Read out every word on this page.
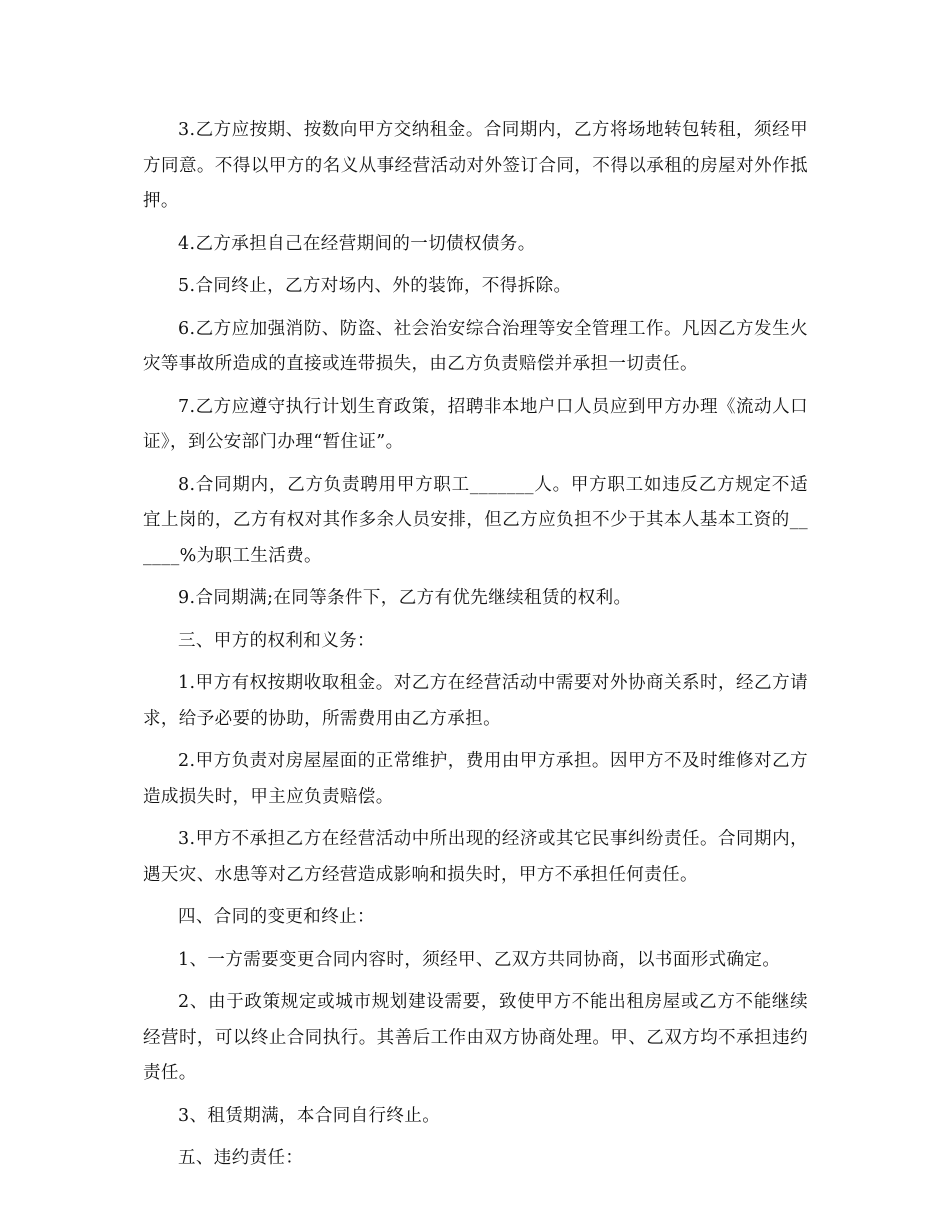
3.乙方应按期、按数向甲方交纳租金。合同期内，乙方将场地转包转租，须经甲方同意。不得以甲方的名义从事经营活动对外签订合同，不得以承租的房屋对外作抵押。

4.乙方承担自己在经营期间的一切债权债务。

5.合同终止，乙方对场内、外的装饰，不得拆除。

6.乙方应加强消防、防盗、社会治安综合治理等安全管理工作。凡因乙方发生火灾等事故所造成的直接或连带损失，由乙方负责赔偿并承担一切责任。

7.乙方应遵守执行计划生育政策，招聘非本地户口人员应到甲方办理《流动人口证》，到公安部门办理“暂住证”。

8.合同期内，乙方负责聘用甲方职工_______人。甲方职工如违反乙方规定不适宜上岗的，乙方有权对其作多余人员安排，但乙方应负担不少于其本人基本工资的______%为职工生活费。

9.合同期满;在同等条件下，乙方有优先继续租赁的权利。

三、甲方的权利和义务：

1.甲方有权按期收取租金。对乙方在经营活动中需要对外协商关系时，经乙方请求，给予必要的协助，所需费用由乙方承担。

2.甲方负责对房屋屋面的正常维护，费用由甲方承担。因甲方不及时维修对乙方造成损失时，甲主应负责赔偿。

3.甲方不承担乙方在经营活动中所出现的经济或其它民事纠纷责任。合同期内，遇天灾、水患等对乙方经营造成影响和损失时，甲方不承担任何责任。

四、合同的变更和终止：

1、一方需要变更合同内容时，须经甲、乙双方共同协商，以书面形式确定。

2、由于政策规定或城市规划建设需要，致使甲方不能出租房屋或乙方不能继续经营时，可以终止合同执行。其善后工作由双方协商处理。甲、乙双方均不承担违约责任。

3、租赁期满，本合同自行终止。

五、违约责任：
